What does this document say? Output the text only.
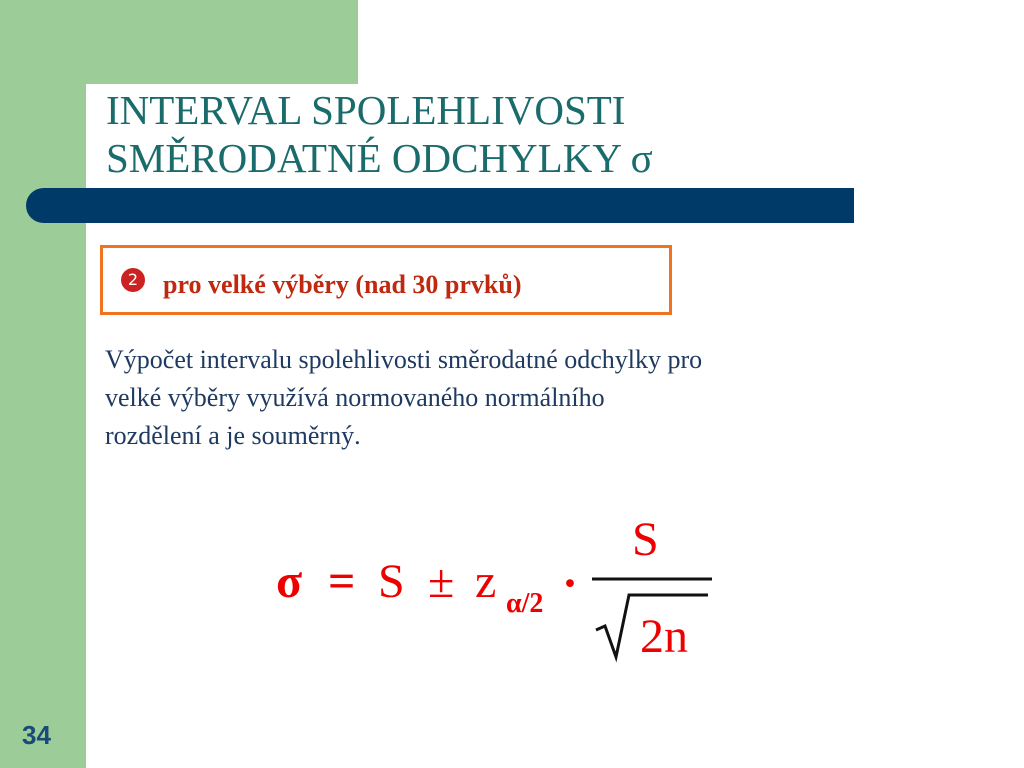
INTERVAL SPOLEHLIVOSTI
SMĚRODATNÉ ODCHYLKY σ
2 pro velké výběry (nad 30 prvků)

Výpočet intervalu spolehlivosti směrodatné odchylky pro
velké výběry využívá normovaného normálního
rozdělení a je souměrný.

σ = S ± z α/2 ·
S
2n
34
